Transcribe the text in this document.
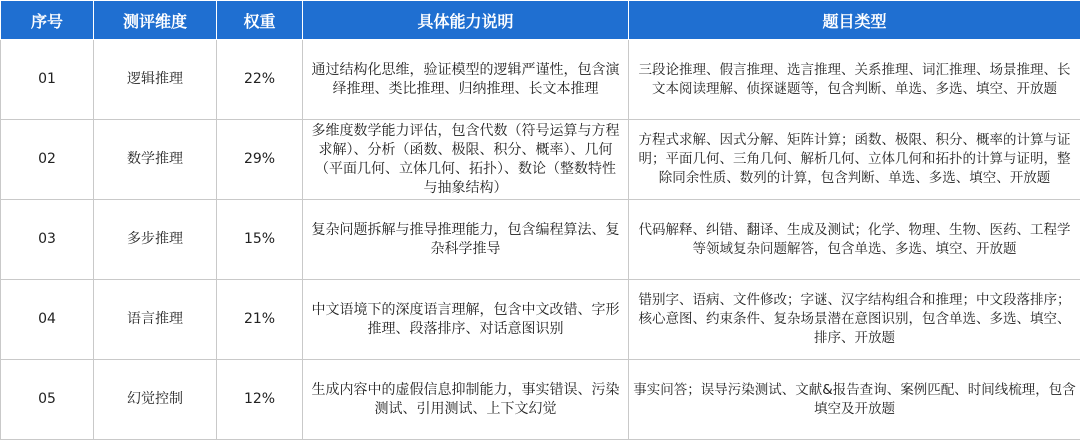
序号	测评维度	权重	具体能力说明	题目类型
01	逻辑推理	22%	通过结构化思维，验证模型的逻辑严谨性，包含演绎推理、类比推理、归纳推理、长文本推理	三段论推理、假言推理、选言推理、关系推理、词汇推理、场景推理、长文本阅读理解、侦探谜题等，包含判断、单选、多选、填空、开放题
02	数学推理	29%	多维度数学能力评估，包含代数（符号运算与方程求解）、分析（函数、极限、积分、概率）、几何（平面几何、立体几何、拓扑）、数论（整数特性与抽象结构）	方程式求解、因式分解、矩阵计算；函数、极限、积分、概率的计算与证明；平面几何、三角几何、解析几何、立体几何和拓扑的计算与证明，整除同余性质、数列的计算，包含判断、单选、多选、填空、开放题
03	多步推理	15%	复杂问题拆解与推导推理能力，包含编程算法、复杂科学推导	代码解释、纠错、翻译、生成及测试；化学、物理、生物、医药、工程学等领域复杂问题解答，包含单选、多选、填空、开放题
04	语言推理	21%	中文语境下的深度语言理解，包含中文改错、字形推理、段落排序、对话意图识别	错别字、语病、文件修改；字谜、汉字结构组合和推理；中文段落排序；核心意图、约束条件、复杂场景潜在意图识别，包含单选、多选、填空、排序、开放题
05	幻觉控制	12%	生成内容中的虚假信息抑制能力，事实错误、污染测试、引用测试、上下文幻觉	事实问答；误导污染测试、文献&报告查询、案例匹配、时间线梳理，包含填空及开放题
